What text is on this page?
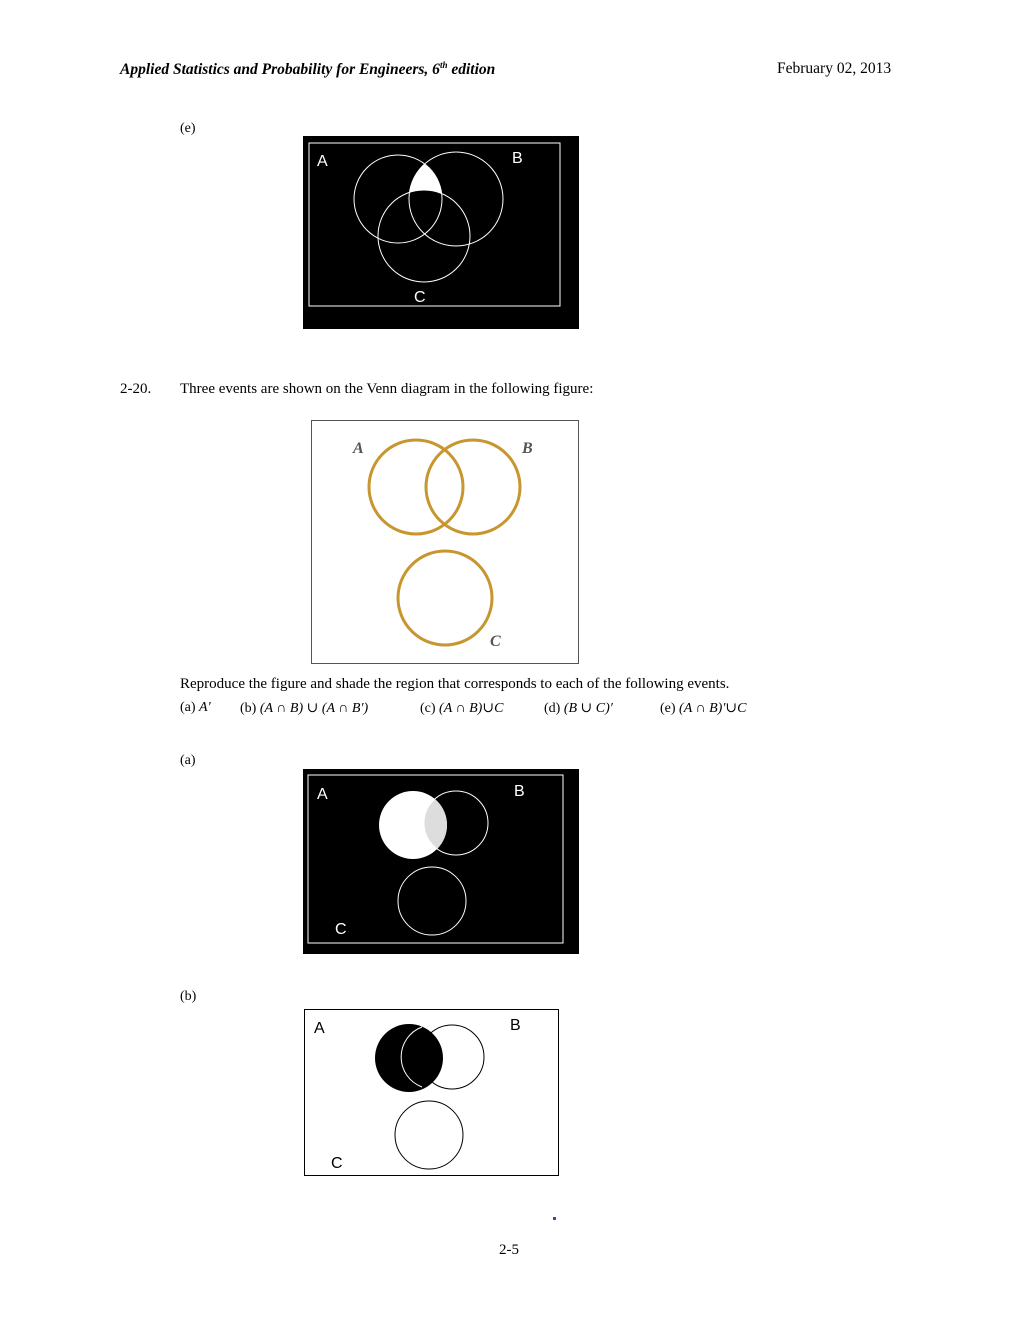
Applied Statistics and Probability for Engineers, 6th edition	February 02, 2013
(e)
A	B
C
2-20. Three events are shown on the Venn diagram in the following figure:
A	B
C
Reproduce the figure and shade the region that corresponds to each of the following events.
(a) A′ (b) (A ∩ B) ∪ (A ∩ B′)	(c) (A ∩ B)∪C	(d) (B ∪ C)′	(e) (A ∩ B)′∪C
(a)
A	B
C
(b)
A	B
C
2-5
